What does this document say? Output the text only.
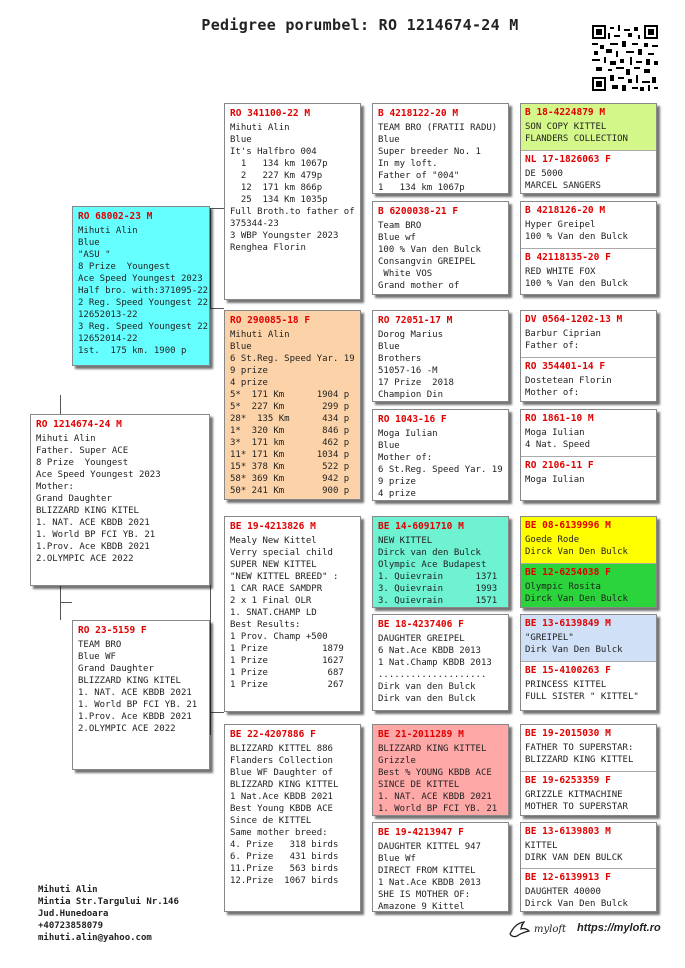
Pedigree porumbel: RO 1214674-24 M
RO 1214674-24 M
Mihuti Alin
Father. Super ACE
8 Prize  Youngest
Ace Speed Youngest 2023
Mother:
Grand Daughter
BLIZZARD KING KITEL
1. NAT. ACE KBDB 2021
1. World BP FCI YB. 21
1.Prov. Ace KBDB 2021
2.OLYMPIC ACE 2022
RO 68002-23 M
Mihuti Alin
Blue
"ASU "
8 Prize  Youngest
Ace Speed Youngest 2023
Half bro. with:371095-22
2 Reg. Speed Youngest 22
12652013-22
3 Reg. Speed Youngest 22
12652014-22
1st.  175 km. 1900 p
RO 23-5159 F
TEAM BRO
Blue WF
Grand Daughter
BLIZZARD KING KITEL
1. NAT. ACE KBDB 2021
1. World BP FCI YB. 21
1.Prov. Ace KBDB 2021
2.OLYMPIC ACE 2022
RO 341100-22 M
Mihuti Alin
Blue
It's Halfbro 004
1   134 km 1067p
2   227 Km 479p
12  171 km 866p
25  134 Km 1035p
Full Broth.to father of
375344-23
3 WBP Youngster 2023
Renghea Florin
RO 290085-18 F
Mihuti Alin
Blue
6 St.Reg. Speed Yar. 19
9 prize
4 prize
5*  171 Km      1904 p
5*  227 Km       299 p
28*  135 Km      434 p
1*  320 Km       846 p
3*  171 km       462 p
11* 171 Km      1034 p
15* 378 Km       522 p
58* 369 Km       942 p
50* 241 Km       900 p
BE 19-4213826 M
Mealy New Kittel
Verry special child
SUPER NEW KITTEL
"NEW KITTEL BREED" :
1 CAR RACE SAMDPR
2 x 1 Final OLR
1. SNAT.CHAMP LD
Best Results:
1 Prov. Champ +500
1 Prize          1879
1 Prize          1627
1 Prize           687
1 Prize           267
BE 22-4207886 F
BLIZZARD KITTEL 886
Flanders Collection
Blue WF Daughter of
BLIZZARD KING KITTEL
1 Nat.Ace KBDB 2021
Best Young KBDB ACE
Since de KITTEL
Same mother breed:
4. Prize   318 birds
6. Prize   431 birds
11.Prize   563 birds
12.Prize  1067 birds
B 4218122-20 M
TEAM BRO (FRATII RADU)
Blue
Super breeder No. 1
In my loft.
Father of "004"
1   134 km 1067p
B 6200038-21 F
Team BRO
Blue wf
100 % Van den Bulck
Consangvin GREIPEL
White VOS
Grand mother of
RO 72051-17 M
Dorog Marius
Blue
Brothers
51057-16 -M
17 Prize  2018
Champion Din
RO 1043-16 F
Moga Iulian
Blue
Mother of:
6 St.Reg. Speed Yar. 19
9 prize
4 prize
BE 14-6091710 M
NEW KITTEL
Dirck van den Bulck
Olympic Ace Budapest
1. Quievrain      1371
3. Quievrain      1993
3. Quievrain      1571
BE 18-4237406 F
DAUGHTER GREIPEL
6 Nat.Ace KBDB 2013
1 Nat.Champ KBDB 2013
....................
Dirk van den Bulck
Dirk van den Bulck
BE 21-2011289 M
BLIZZARD KING KITTEL
Grizzle
Best % YOUNG KBDB ACE
SINCE DE KITTEL
1. NAT. ACE KBDB 2021
1. World BP FCI YB. 21
BE 19-4213947 F
DAUGHTER KITTEL 947
Blue Wf
DIRECT FROM KITTEL
1 Nat.Ace KBDB 2013
SHE IS MOTHER OF:
Amazone 9 Kittel
B 18-4224879 M
SON COPY KITTEL
FLANDERS COLLECTION
NL 17-1826063 F
DE 5000
MARCEL SANGERS
B 4218126-20 M
Hyper Greipel
100 % Van den Bulck
B 42118135-20 F
RED WHITE FOX
100 % Van den Bulck
DV 0564-1202-13 M
Barbur Ciprian
Father of:
RO 354401-14 F
Dostetean Florin
Mother of:
RO 1861-10 M
Moga Iulian
4 Nat. Speed
RO 2106-11 F
Moga Iulian
BE 08-6139996 M
Goede Rode
Dirck Van Den Bulck
BE 12-6254038 F
Olympic Rosita
Dirck Van Den Bulck
BE 13-6139849 M
"GREIPEL"
Dirk Van Den Bulck
BE 15-4100263 F
PRINCESS KITTEL
FULL SISTER " KITTEL"
BE 19-2015030 M
FATHER TO SUPERSTAR:
BLIZZARD KING KITTEL
BE 19-6253359 F
GRIZZLE KITMACHINE
MOTHER TO SUPERSTAR
BE 13-6139803 M
KITTEL
DIRK VAN DEN BULCK
BE 12-6139913 F
DAUGHTER 40000
Dirck Van Den Bulck
Mihuti Alin
Mintia Str.Targului Nr.146
Jud.Hunedoara
+40723858079
mihuti.alin@yahoo.com
myloft https://myloft.ro
